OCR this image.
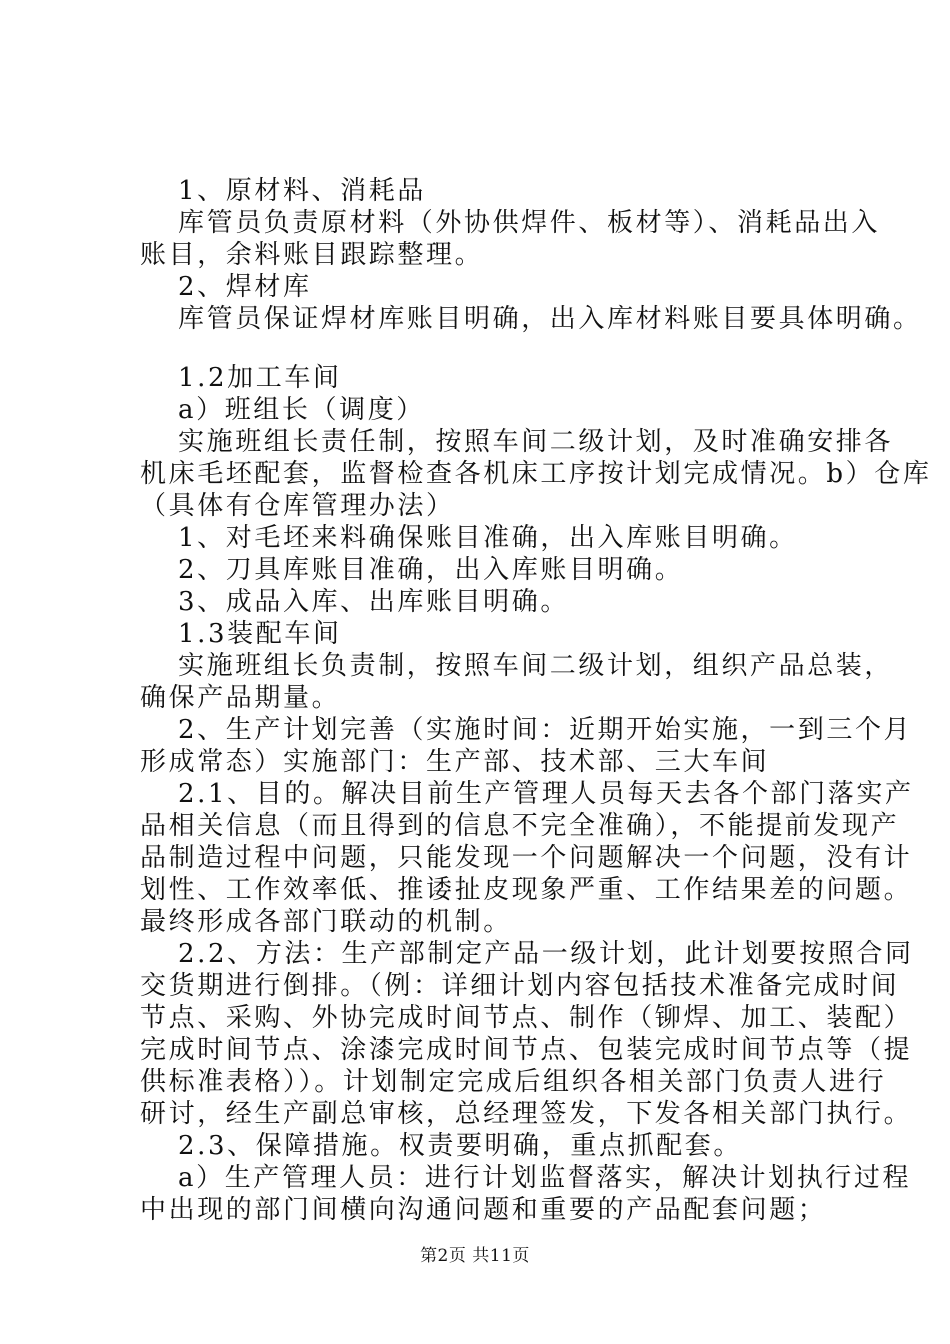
1、原材料、消耗品
库管员负责原材料（外协供焊件、板材等）、消耗品出入
账目，余料账目跟踪整理。
2、焊材库
库管员保证焊材库账目明确，出入库材料账目要具体明确。
1.2加工车间
a）班组长（调度）
实施班组长责任制，按照车间二级计划，及时准确安排各
机床毛坯配套，监督检查各机床工序按计划完成情况。b）仓库
（具体有仓库管理办法）
1、对毛坯来料确保账目准确，出入库账目明确。
2、刀具库账目准确，出入库账目明确。
3、成品入库、出库账目明确。
1.3装配车间
实施班组长负责制，按照车间二级计划，组织产品总装，
确保产品期量。
2、生产计划完善（实施时间：近期开始实施，一到三个月
形成常态）实施部门：生产部、技术部、三大车间
2.1、目的。解决目前生产管理人员每天去各个部门落实产
品相关信息（而且得到的信息不完全准确），不能提前发现产
品制造过程中问题，只能发现一个问题解决一个问题，没有计
划性、工作效率低、推诿扯皮现象严重、工作结果差的问题。
最终形成各部门联动的机制。
2.2、方法：生产部制定产品一级计划，此计划要按照合同
交货期进行倒排。（例：详细计划内容包括技术准备完成时间
节点、采购、外协完成时间节点、制作（铆焊、加工、装配）
完成时间节点、涂漆完成时间节点、包装完成时间节点等（提
供标准表格））。计划制定完成后组织各相关部门负责人进行
研讨，经生产副总审核，总经理签发，下发各相关部门执行。
2.3、保障措施。权责要明确，重点抓配套。
a）生产管理人员：进行计划监督落实，解决计划执行过程
中出现的部门间横向沟通问题和重要的产品配套问题；
第2页 共11页
